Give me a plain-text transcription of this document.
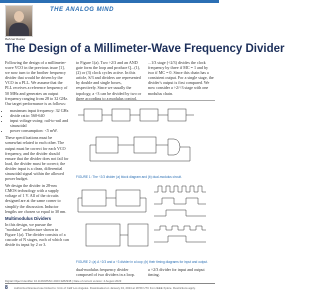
THE ANALOG MIND
Behzad Razavi
The Design of a Millimeter-Wave Frequency Divider

Following the design of a millimeter-wave VCO in the previous issue [1], we now turn to the brother frequency divider that would be driven by the VCO in a PLL. We assume that the PLL receives a reference frequency of 50 MHz and generates an output frequency ranging from 28 to 32 GHz. Our target performance is as follows:

• maximum input frequency: 32 GHz
• divide ratio: 560-640
• input voltage swing: rail-to-rail and sinusoidal
• power consumption: <5 mW.

These specifications must be somewhat related to each other. The output must be correct for each VCO frequency, and the divider should ensure that the divider does not fail for load, the divider must be correct; the divider input is a clean, differential sinusoidal signal within the allowed power budget.

We design the divider in 28-nm CMOS technology with a supply voltage of 1 V. All of the circuits designed are at the same corner to simplify the discussion. Inductor lengths are chosen so equal to 30 nm.

Multimodulus Dividers

In this design, we pursue the "modular" architecture shown in Figure 1(a). The divider consists of a cascade of N stages, each of which can divide its input by 2 or 3.

to Figure 1(a). Two ÷2/3 and an AND gate form the loop and produce Q...(1), (2) or (3) clock cycles active. In this article, S/3 and dividers are represented by double and single boxes, respectively. Since we usually the topology, a ÷3 can be divided by two or three according to a modulus control.

...1/3 stage (÷2/3) divides the clock frequency by three if MC = 1 and by two if MC = 0. Since this chain has a consistent output. For a single stage, the divider's output is first compared. We now consider a ÷2/÷3 stage with one modulus chain.

FIGURE 1: The ÷2/3 divider (a) block diagram and (b) dual-modulus circuit.
FIGURE 2: (a) A ÷2/3 and a ÷3 divider in a loop; (b) their timing diagrams for input and output.

dual-modulus frequency divider composed of two dividers in a loop.

a ÷2/3 divider for input and output timing.

Digital Object Identifier 10.1109/MSSC.2023.3282938 | Date of current version: 4 August 2023
8 Authorized licensed use limited to: Univ of Calif Los Angeles. Downloaded on January 04, 2024 at 18:59 UTC from IEEE Xplore. Restrictions apply.
